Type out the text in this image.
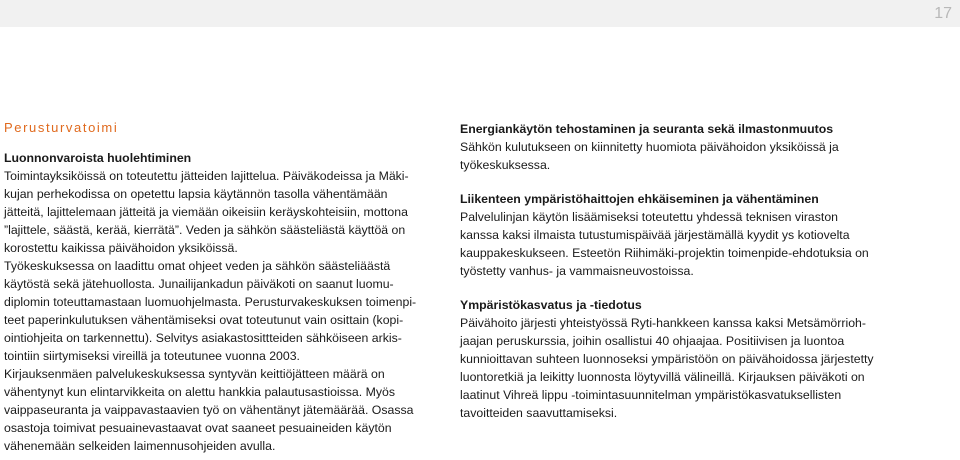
17
Perusturvatoimi
Luonnonvaroista huolehtiminen

Toimintayksiköissä on toteutettu jätteiden lajittelua. Päiväkodeissa ja Mäki-

kujan perhekodissa on opetettu lapsia käytännön tasolla vähentämään

jätteitä, lajittelemaan jätteitä ja viemään oikeisiin keräyskohteisiin, mottona

”lajittele, säästä, kerää, kierrätä”. Veden ja sähkön säästeliästä käyttöä on

korostettu kaikissa päivähoidon yksiköissä.

Työkeskuksessa on laadittu omat ohjeet veden ja sähkön säästeliäästä

käytöstä sekä jätehuollosta. Junailijankadun päiväkoti on saanut luomu-

diplomin toteuttamastaan luomuohjelmasta. Perusturvakeskuksen toimenpi-

teet paperinkulutuksen vähentämiseksi ovat toteutunut vain osittain (kopi-

ointiohjeita on tarkennettu). Selvitys asiakastosittteiden sähköiseen arkis-

tointiin siirtymiseksi vireillä ja toteutunee vuonna 2003.

Kirjauksenmäen palvelukeskuksessa syntyvän keittiöjätteen määrä on

vähentynyt kun elintarvikkeita on alettu hankkia palautusastioissa. Myös

vaippaseuranta ja vaippavastaavien työ on vähentänyt jätemäärää. Osassa

osastoja toimivat pesuainevastaavat ovat saaneet pesuaineiden käytön

vähenemään selkeiden laimennusohjeiden avulla.

Energiankäytön tehostaminen ja seuranta sekä ilmastonmuutos

Sähkön kulutukseen on kiinnitetty huomiota päivähoidon yksiköissä ja

työkeskuksessa.

Liikenteen ympäristöhaittojen ehkäiseminen ja vähentäminen

Palvelulinjan käytön lisäämiseksi toteutettu yhdessä teknisen viraston

kanssa kaksi ilmaista tutustumispäivää järjestämällä kyydit ys kotiovelta

kauppakeskukseen. Esteetön Riihimäki-projektin toimenpide-ehdotuksia on

työstetty vanhus- ja vammaisneuvostoissa.

Ympäristökasvatus ja -tiedotus

Päivähoito järjesti yhteistyössä Ryti-hankkeen kanssa kaksi Metsämörrioh-

jaajan peruskurssia, joihin osallistui 40 ohjaajaa. Positiivisen ja luontoa

kunnioittavan suhteen luonnoseksi ympäristöön on päivähoidossa järjestetty

luontoretkiä ja leikitty luonnosta löytyvillä välineillä. Kirjauksen päiväkoti on

laatinut Vihreä lippu -toimintasuunnitelman ympäristökasvatuksellisten

tavoitteiden saavuttamiseksi.
